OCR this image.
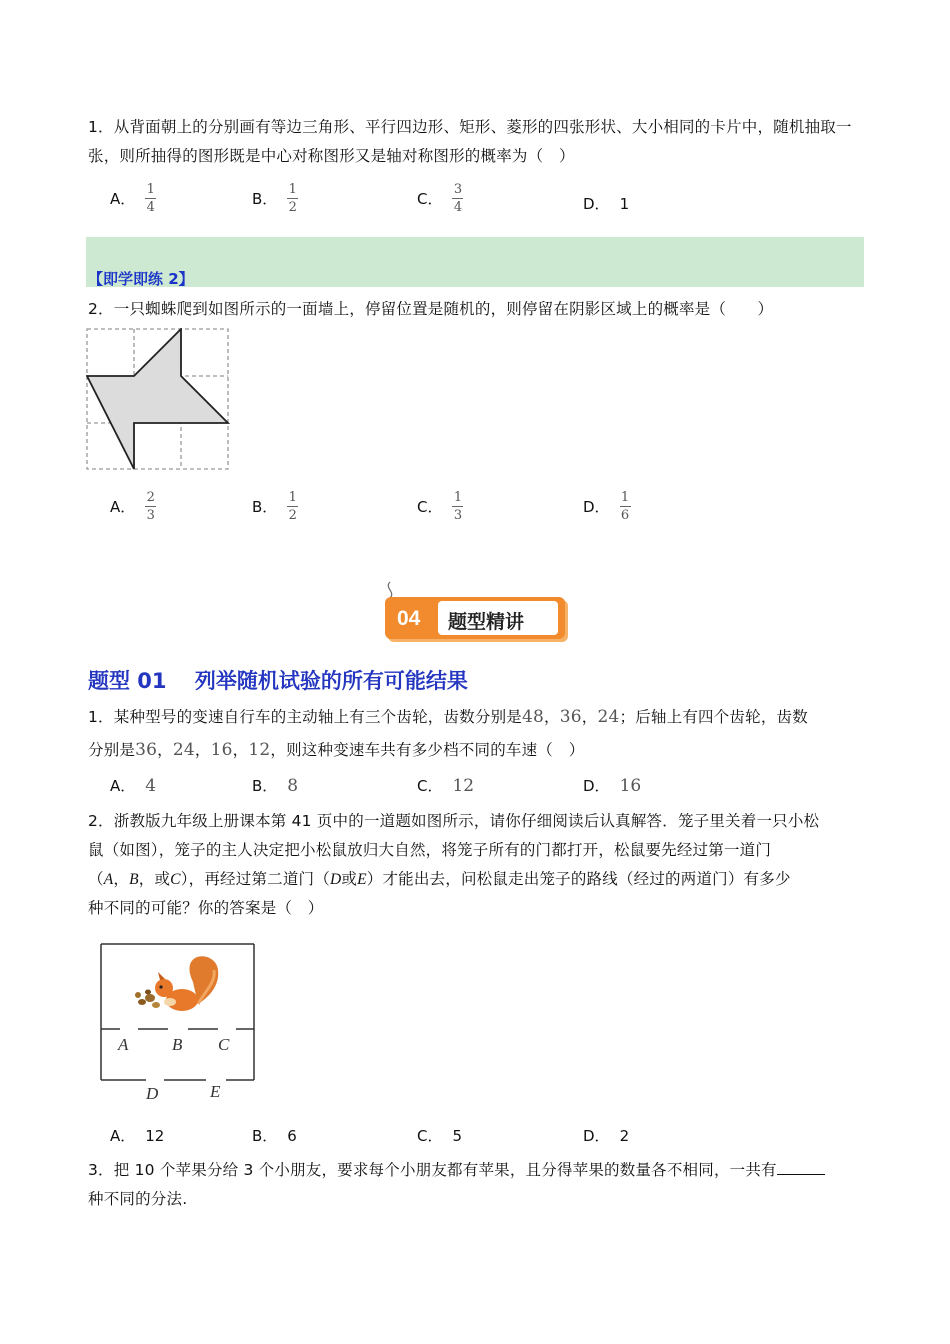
1．从背面朝上的分别画有等边三角形、平行四边形、矩形、菱形的四张形状、大小相同的卡片中，随机抽取一张，则所抽得的图形既是中心对称图形又是轴对称图形的概率为（　）
A． $\frac{1}{4}$	B． $\frac{1}{2}$	C． $\frac{3}{4}$	D． 1
【即学即练 2】
2．一只蜘蛛爬到如图所示的一面墙上，停留位置是随机的，则停留在阴影区域上的概率是（　　）
A． $\frac{2}{3}$	B． $\frac{1}{2}$	C． $\frac{1}{3}$	D． $\frac{1}{6}$
04 题型精讲
题型 01　 列举随机试验的所有可能结果
1．某种型号的变速自行车的主动轴上有三个齿轮，齿数分别是48，36，24；后轴上有四个齿轮，齿数
分别是36，24，16，12，则这种变速车共有多少档不同的车速（　）
A． 4	B． 8	C． 12	D． 16
2．浙教版九年级上册课本第 41 页中的一道题如图所示，请你仔细阅读后认真解答．笼子里关着一只小松
鼠（如图），笼子的主人决定把小松鼠放归大自然，将笼子所有的门都打开，松鼠要先经过第一道门
（A，B，或C），再经过第二道门（D或E）才能出去，问松鼠走出笼子的路线（经过的两道门）有多少
种不同的可能？你的答案是（　）
A	B C
D	E
A． 12	B． 6	C． 5	D． 2
3．把 10 个苹果分给 3 个小朋友，要求每个小朋友都有苹果，且分得苹果的数量各不相同，一共有
种不同的分法.
